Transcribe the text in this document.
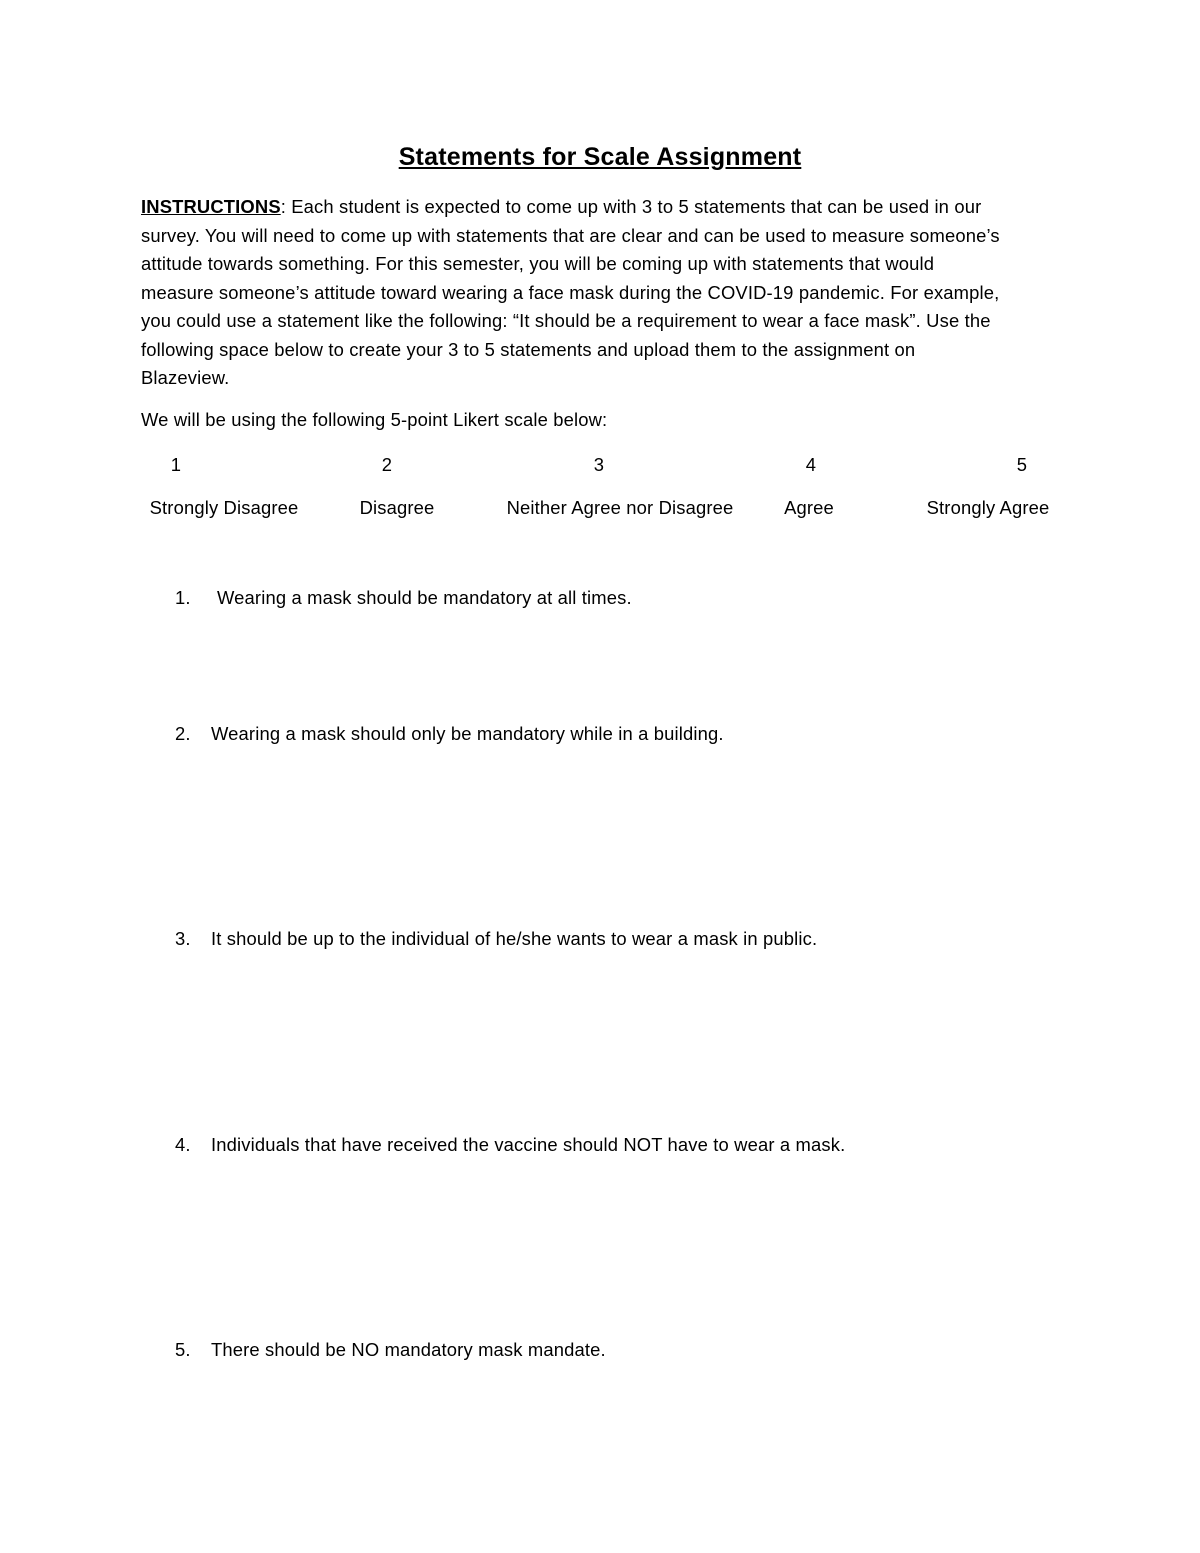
Statements for Scale Assignment
INSTRUCTIONS: Each student is expected to come up with 3 to 5 statements that can be used in our
survey. You will need to come up with statements that are clear and can be used to measure someone’s
attitude towards something. For this semester, you will be coming up with statements that would
measure someone’s attitude toward wearing a face mask during the COVID-19 pandemic. For example,
you could use a statement like the following: “It should be a requirement to wear a face mask”. Use the
following space below to create your 3 to 5 statements and upload them to the assignment on
Blazeview.
We will be using the following 5-point Likert scale below:
1	2	3	4	5
Strongly Disagree	Disagree	Neither Agree nor Disagree	Agree	Strongly Agree
1. Wearing a mask should be mandatory at all times.
2. Wearing a mask should only be mandatory while in a building.
3. It should be up to the individual of he/she wants to wear a mask in public.
4. Individuals that have received the vaccine should NOT have to wear a mask.
5. There should be NO mandatory mask mandate.
